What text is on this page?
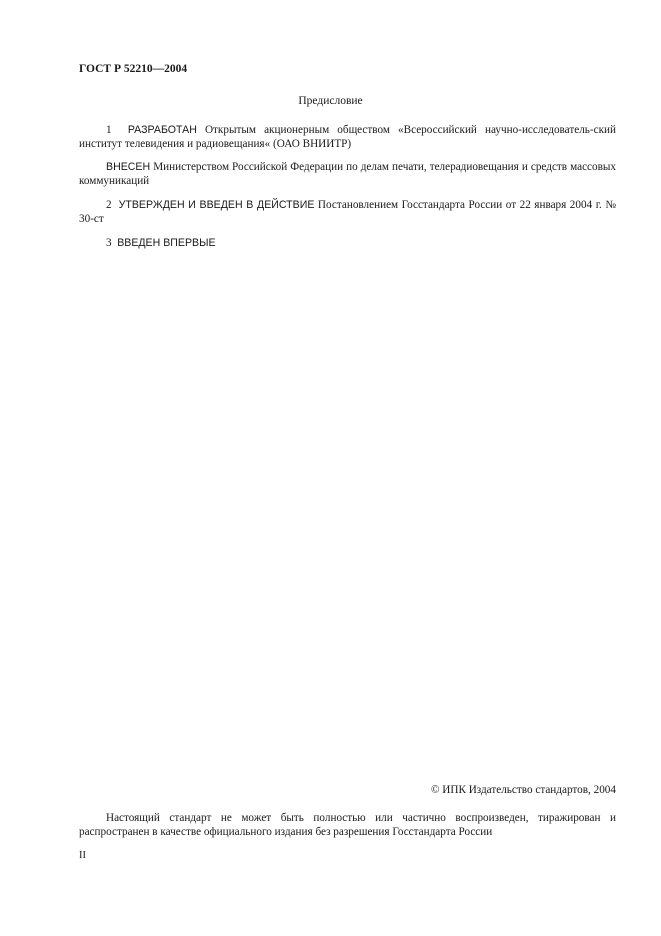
ГОСТ Р 52210—2004
Предисловие
1 РАЗРАБОТАН Открытым акционерным обществом «Всероссийский научно-исследователь-ский институт телевидения и радиовещания« (ОАО ВНИИТР)
ВНЕСЕН Министерством Российской Федерации по делам печати, телерадиовещания и средств массовых коммуникаций
2 УТВЕРЖДЕН И ВВЕДЕН В ДЕЙСТВИЕ Постановлением Госстандарта России от 22 января 2004 г. № 30-ст
3 ВВЕДЕН ВПЕРВЫЕ
© ИПК Издательство стандартов, 2004
Настоящий стандарт не может быть полностью или частично воспроизведен, тиражирован и распространен в качестве официального издания без разрешения Госстандарта России
II
